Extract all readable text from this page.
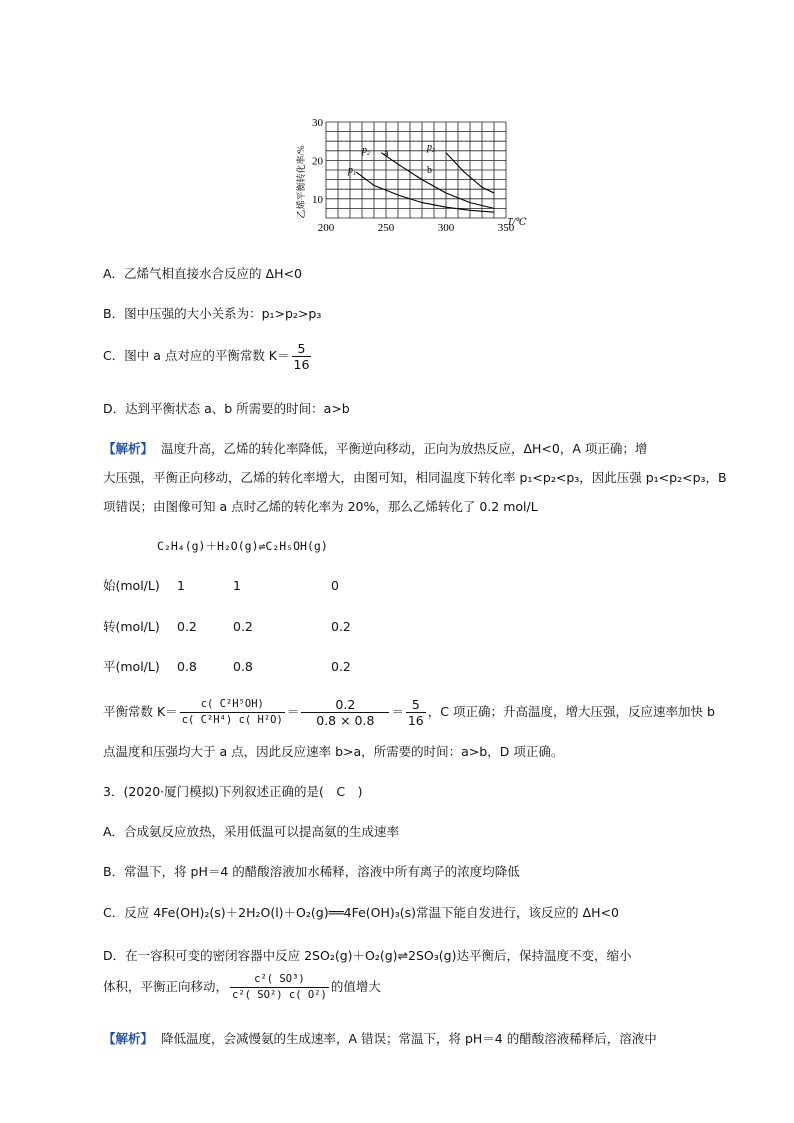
200	250	300	350
30
20
10
乙烯平衡转化率/%
T/℃
$p_1$
$p_2$ a
$p_3$
b
A．乙烯气相直接水合反应的 ΔH<0
B．图中压强的大小关系为：p₁>p₂>p₃
C．图中 a 点对应的平衡常数 $K= \frac{5}{16}$
D．达到平衡状态 a、b 所需要的时间：a>b
【解析】 温度升高，乙烯的转化率降低，平衡逆向移动，正向为放热反应，ΔH<0，A 项正确；增
大压强，平衡正向移动，乙烯的转化率增大，由图可知，相同温度下转化率 p₁<p₂<p₃，因此压强 p₁<p₂<p₃，B
项错误；由图像可知 a 点时乙烯的转化率为 20%，那么乙烯转化了 0.2 mol/L
C₂H₄(g)＋H₂O(g)⇌C₂H₅OH(g)
始(mol/L) 1	1	0
转(mol/L) 0.2	0.2	0.2
平(mol/L) 0.8	0.8	0.2
平衡常数 $K= \frac{\text{c( C²H⁵OH)}}{\text{c( C²H⁴) c( H²O)}} = \frac{0.2}{0.8 \times 0.8} = \frac{5}{16}$ ，C 项正确；升高温度，增大压强，反应速率加快 b
点温度和压强均大于 a 点，因此反应速率 b>a，所需要的时间：a>b，D 项正确。
3．(2020·厦门模拟)下列叙述正确的是(　C　)
A．合成氨反应放热，采用低温可以提高氨的生成速率
B．常温下，将 pH＝4 的醋酸溶液加水稀释，溶液中所有离子的浓度均降低
C．反应 4Fe(OH)₂(s)＋2H₂O(l)＋O₂(g)══4Fe(OH)₃(s)常温下能自发进行，该反应的 ΔH<0
D．在一容积可变的密闭容器中反应 2SO₂(g)＋O₂(g)⇌2SO₃(g)达平衡后，保持温度不变，缩小
体积，平衡正向移动， $\frac{\text{c²( SO³)}}{\text{c²( SO²) c( O²)}}$ 的值增大
【解析】 降低温度，会减慢氨的生成速率，A 错误；常温下，将 pH＝4 的醋酸溶液稀释后，溶液中
